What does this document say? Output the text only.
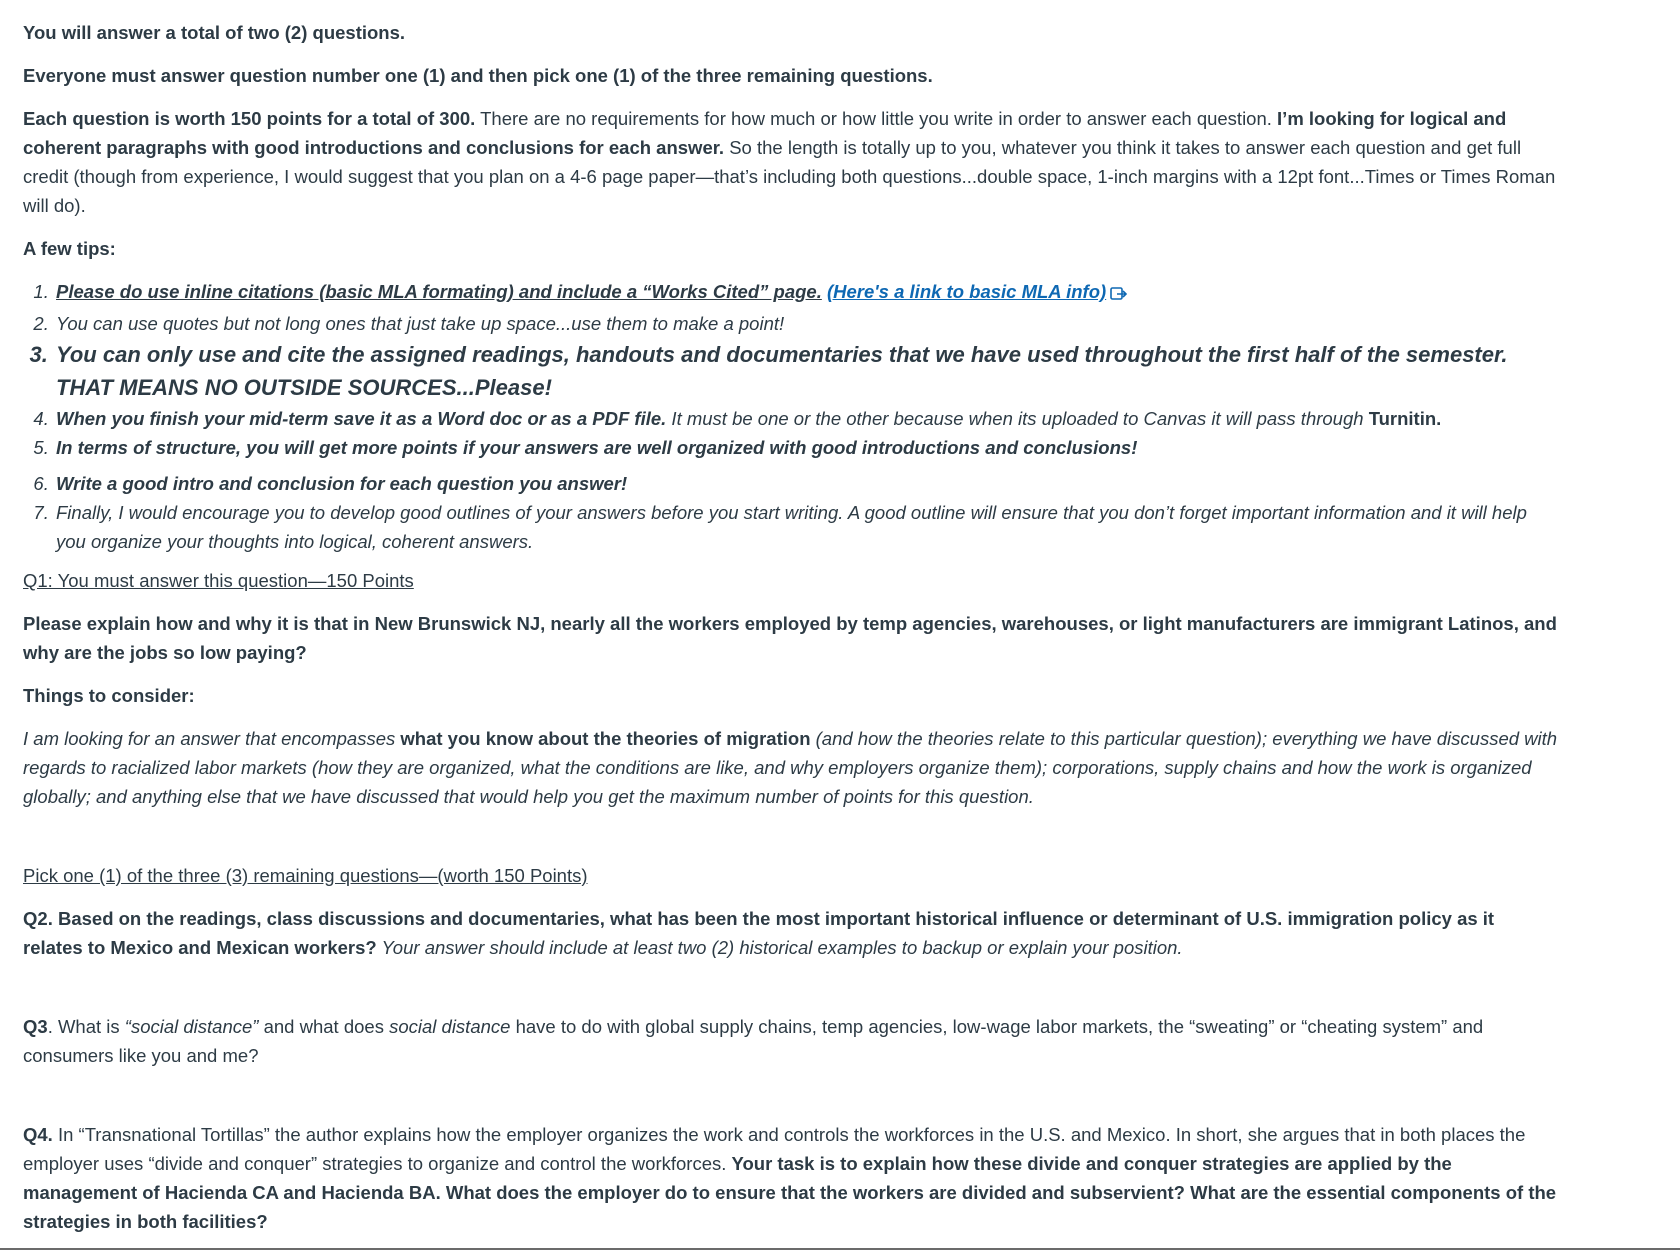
You will answer a total of two (2) questions.

Everyone must answer question number one (1) and then pick one (1) of the three remaining questions.

Each question is worth 150 points for a total of 300. There are no requirements for how much or how little you write in order to answer each question. I’m looking for logical and coherent paragraphs with good introductions and conclusions for each answer. So the length is totally up to you, whatever you think it takes to answer each question and get full credit (though from experience, I would suggest that you plan on a 4-6 page paper—that’s including both questions...double space, 1-inch margins with a 12pt font...Times or Times Roman will do).

A few tips:

1. Please do use inline citations (basic MLA formating) and include a “Works Cited” page. (Here's a link to basic MLA info)
2. You can use quotes but not long ones that just take up space...use them to make a point!
3. You can only use and cite the assigned readings, handouts and documentaries that we have used throughout the first half of the semester. THAT MEANS NO OUTSIDE SOURCES...Please!
4. When you finish your mid-term save it as a Word doc or as a PDF file. It must be one or the other because when its uploaded to Canvas it will pass through Turnitin.
5. In terms of structure, you will get more points if your answers are well organized with good introductions and conclusions!
6. Write a good intro and conclusion for each question you answer!
7. Finally, I would encourage you to develop good outlines of your answers before you start writing. A good outline will ensure that you don’t forget important information and it will help you organize your thoughts into logical, coherent answers.

Q1: You must answer this question—150 Points

Please explain how and why it is that in New Brunswick NJ, nearly all the workers employed by temp agencies, warehouses, or light manufacturers are immigrant Latinos, and why are the jobs so low paying?

Things to consider:

I am looking for an answer that encompasses what you know about the theories of migration (and how the theories relate to this particular question); everything we have discussed with regards to racialized labor markets (how they are organized, what the conditions are like, and why employers organize them); corporations, supply chains and how the work is organized globally; and anything else that we have discussed that would help you get the maximum number of points for this question.

Pick one (1) of the three (3) remaining questions—(worth 150 Points)

Q2. Based on the readings, class discussions and documentaries, what has been the most important historical influence or determinant of U.S. immigration policy as it relates to Mexico and Mexican workers? Your answer should include at least two (2) historical examples to backup or explain your position.

Q3. What is “social distance” and what does social distance have to do with global supply chains, temp agencies, low-wage labor markets, the “sweating” or “cheating system” and consumers like you and me?

Q4. In “Transnational Tortillas” the author explains how the employer organizes the work and controls the workforces in the U.S. and Mexico. In short, she argues that in both places the employer uses “divide and conquer” strategies to organize and control the workforces. Your task is to explain how these divide and conquer strategies are applied by the management of Hacienda CA and Hacienda BA. What does the employer do to ensure that the workers are divided and subservient? What are the essential components of the strategies in both facilities?
